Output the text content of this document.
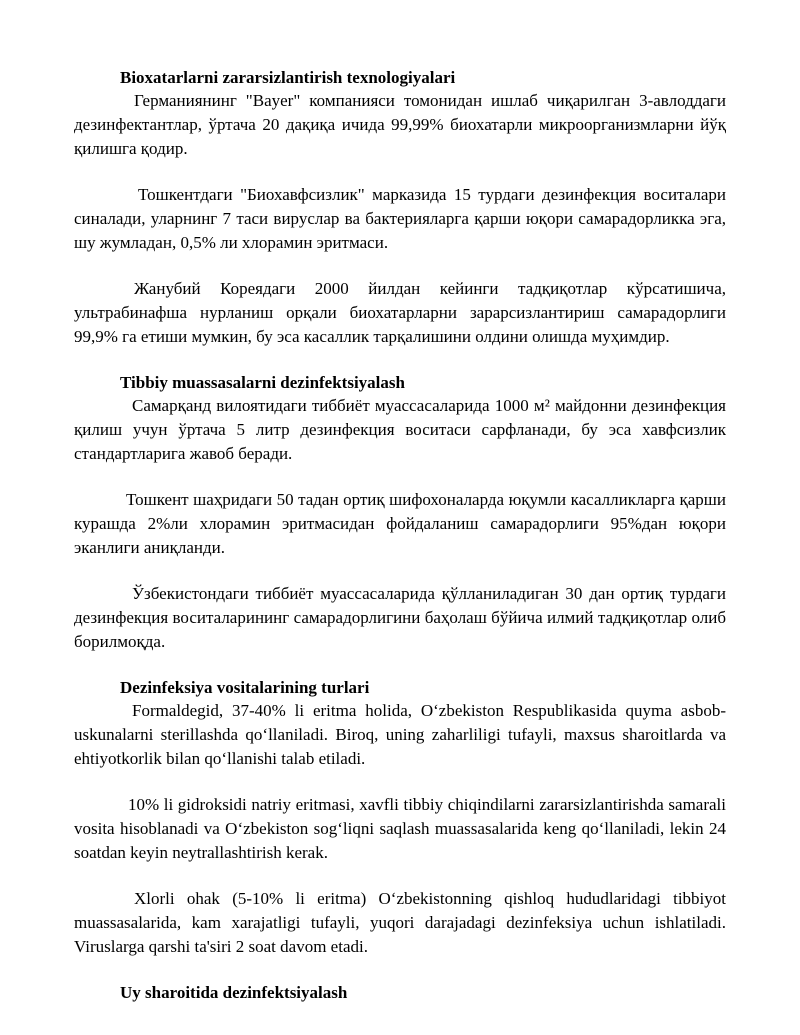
Bioxatarlarni zararsizlantirish texnologiyalari

Германиянинг "Bayer" компанияси томонидан ишлаб чиқарилган 3-авлоддаги дезинфектантлар, ўртача 20 дақиқа ичида 99,99% биохатарли микроорганизмларни йўқ қилишга қодир.

Тошкентдаги "Биохавфсизлик" марказида 15 турдаги дезинфекция воситалари синалади, уларнинг 7 таси вируслар ва бактерияларга қарши юқори самарадорликка эга, шу жумладан, 0,5% ли хлорамин эритмаси.

Жанубий Кореядаги 2000 йилдан кейинги тадқиқотлар кўрсатишича, ультрабинафша нурланиш орқали биохатарларни зарарсизлантириш самарадорлиги 99,9% га етиши мумкин, бу эса касаллик тарқалишини олдини олишда муҳимдир.

Tibbiy muassasalarni dezinfektsiyalash

Самарқанд вилоятидаги тиббиёт муассасаларида 1000 м² майдонни дезинфекция қилиш учун ўртача 5 литр дезинфекция воситаси сарфланади, бу эса хавфсизлик стандартларига жавоб беради.

Тошкент шаҳридаги 50 тадан ортиқ шифохоналарда юқумли касалликларга қарши курашда 2%ли хлорамин эритмасидан фойдаланиш самарадорлиги 95%дан юқори эканлиги аниқланди.

Ўзбекистондаги тиббиёт муассасаларида қўлланиладиган 30 дан ортиқ турдаги дезинфекция воситаларининг самарадорлигини баҳолаш бўйича илмий тадқиқотлар олиб борилмоқда.

Dezinfeksiya vositalarining turlari

Formaldegid, 37-40% li eritma holida, O‘zbekiston Respublikasida quyma asbob-uskunalarni sterillashda qo‘llaniladi. Biroq, uning zaharliligi tufayli, maxsus sharoitlarda va ehtiyotkorlik bilan qo‘llanishi talab etiladi.

10% li gidroksidi natriy eritmasi, xavfli tibbiy chiqindilarni zararsizlantirishda samarali vosita hisoblanadi va O‘zbekiston sog‘liqni saqlash muassasalarida keng qo‘llaniladi, lekin 24 soatdan keyin neytrallashtirish kerak.

Xlorli ohak (5-10% li eritma) O‘zbekistonning qishloq hududlaridagi tibbiyot muassasalarida, kam xarajatligi tufayli, yuqori darajadagi dezinfeksiya uchun ishlatiladi. Viruslarga qarshi ta'siri 2 soat davom etadi.

Uy sharoitida dezinfektsiyalash
